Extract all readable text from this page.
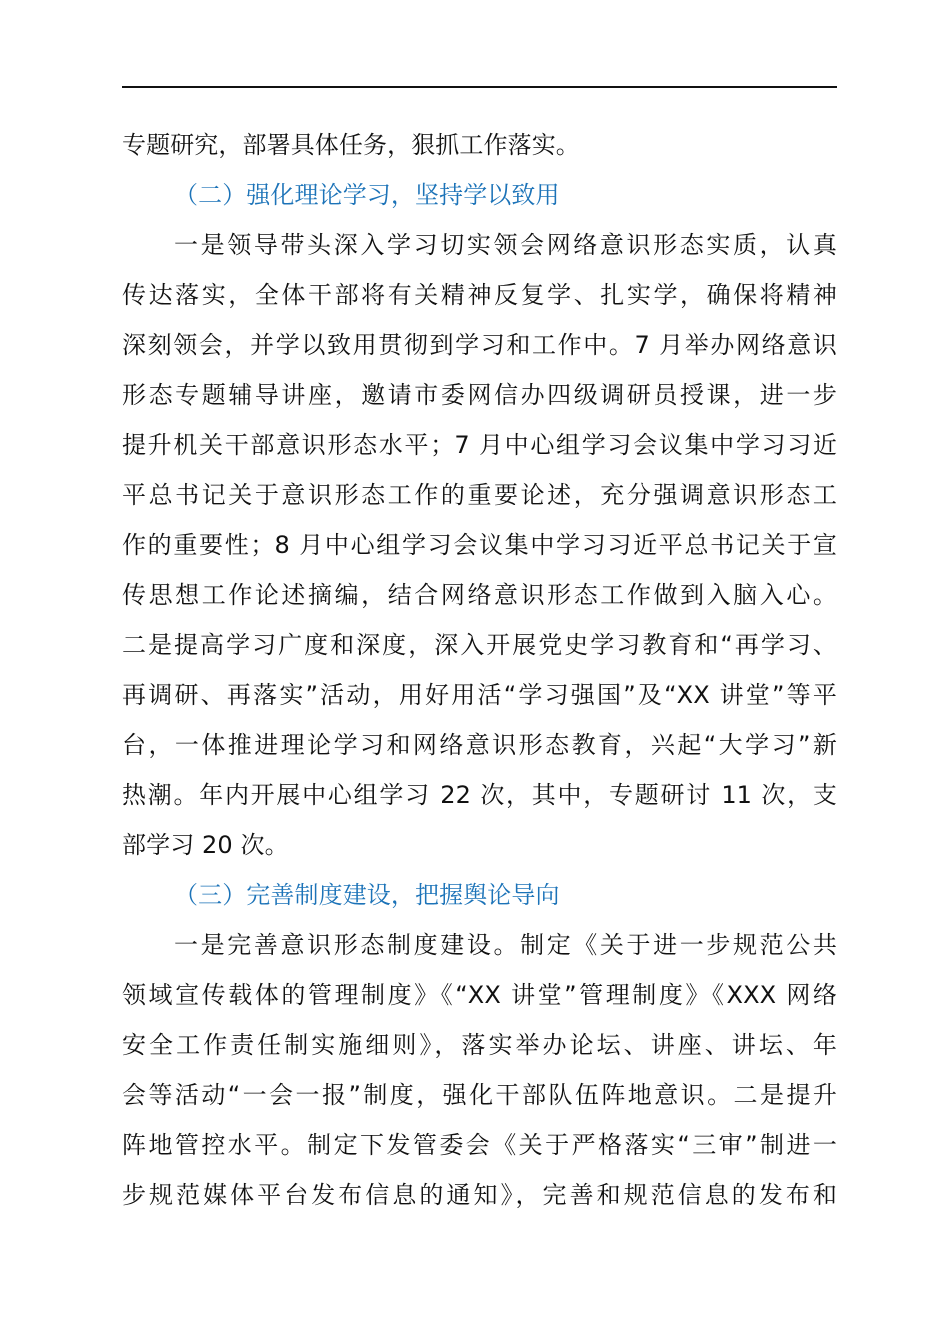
专题研究，部署具体任务，狠抓工作落实。
（二）强化理论学习，坚持学以致用
一是领导带头深入学习切实领会网络意识形态实质，认真
传达落实，全体干部将有关精神反复学、扎实学，确保将精神
深刻领会，并学以致用贯彻到学习和工作中。7 月举办网络意识
形态专题辅导讲座，邀请市委网信办四级调研员授课，进一步
提升机关干部意识形态水平；7 月中心组学习会议集中学习习近
平总书记关于意识形态工作的重要论述，充分强调意识形态工
作的重要性；8 月中心组学习会议集中学习习近平总书记关于宣
传思想工作论述摘编，结合网络意识形态工作做到入脑入心。
二是提高学习广度和深度，深入开展党史学习教育和“再学习、
再调研、再落实”活动，用好用活“学习强国”及“XX 讲堂”等平
台，一体推进理论学习和网络意识形态教育，兴起“大学习”新
热潮。年内开展中心组学习 22 次，其中，专题研讨 11 次，支
部学习 20 次。
（三）完善制度建设，把握舆论导向
一是完善意识形态制度建设。制定《关于进一步规范公共
领域宣传载体的管理制度》《“XX 讲堂”管理制度》《XXX 网络
安全工作责任制实施细则》，落实举办论坛、讲座、讲坛、年
会等活动“一会一报”制度，强化干部队伍阵地意识。二是提升
阵地管控水平。制定下发管委会《关于严格落实“三审”制进一
步规范媒体平台发布信息的通知》，完善和规范信息的发布和
